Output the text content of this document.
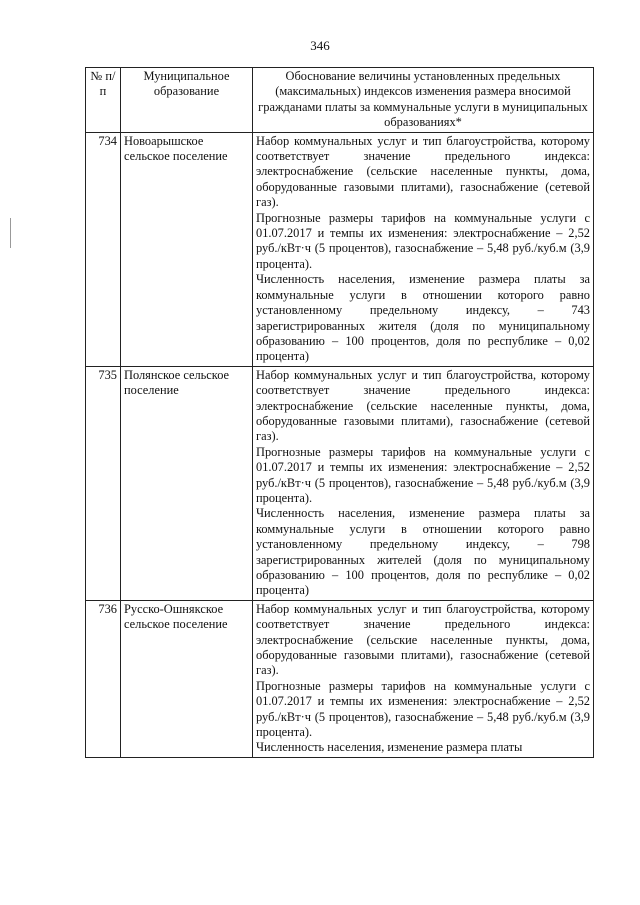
346
№ п/п	Муниципальное образование	Обоснование величины установленных предельных (максимальных) индексов изменения размера вносимой гражданами платы за коммунальные услуги в муниципальных образованиях*
734	Новоарышское сельское поселение	Набор коммунальных услуг и тип благоустройства, которому соответствует значение предельного индекса: электроснабжение (сельские населенные пункты, дома, оборудованные газовыми плитами), газоснабжение (сетевой газ).

Прогнозные размеры тарифов на коммунальные услуги с 01.07.2017 и темпы их изменения: электроснабжение – 2,52 руб./кВт·ч (5 процентов), газоснабжение – 5,48 руб./куб.м (3,9 процента).

Численность населения, изменение размера платы за коммунальные услуги в отношении которого равно установленному предельному индексу, – 743 зарегистрированных жителя (доля по муниципальному образованию – 100 процентов, доля по республике – 0,02 процента)

735	Полянское сельское поселение	Набор коммунальных услуг и тип благоустройства, которому соответствует значение предельного индекса: электроснабжение (сельские населенные пункты, дома, оборудованные газовыми плитами), газоснабжение (сетевой газ).

Прогнозные размеры тарифов на коммунальные услуги с 01.07.2017 и темпы их изменения: электроснабжение – 2,52 руб./кВт·ч (5 процентов), газоснабжение – 5,48 руб./куб.м (3,9 процента).

Численность населения, изменение размера платы за коммунальные услуги в отношении которого равно установленному предельному индексу, – 798 зарегистрированных жителей (доля по муниципальному образованию – 100 процентов, доля по республике – 0,02 процента)

736	Русско-Ошнякское сельское поселение	Набор коммунальных услуг и тип благоустройства, которому соответствует значение предельного индекса: электроснабжение (сельские населенные пункты, дома, оборудованные газовыми плитами), газоснабжение (сетевой газ).

Прогнозные размеры тарифов на коммунальные услуги с 01.07.2017 и темпы их изменения: электроснабжение – 2,52 руб./кВт·ч (5 процентов), газоснабжение – 5,48 руб./куб.м (3,9 процента).

Численность населения, изменение размера платы
